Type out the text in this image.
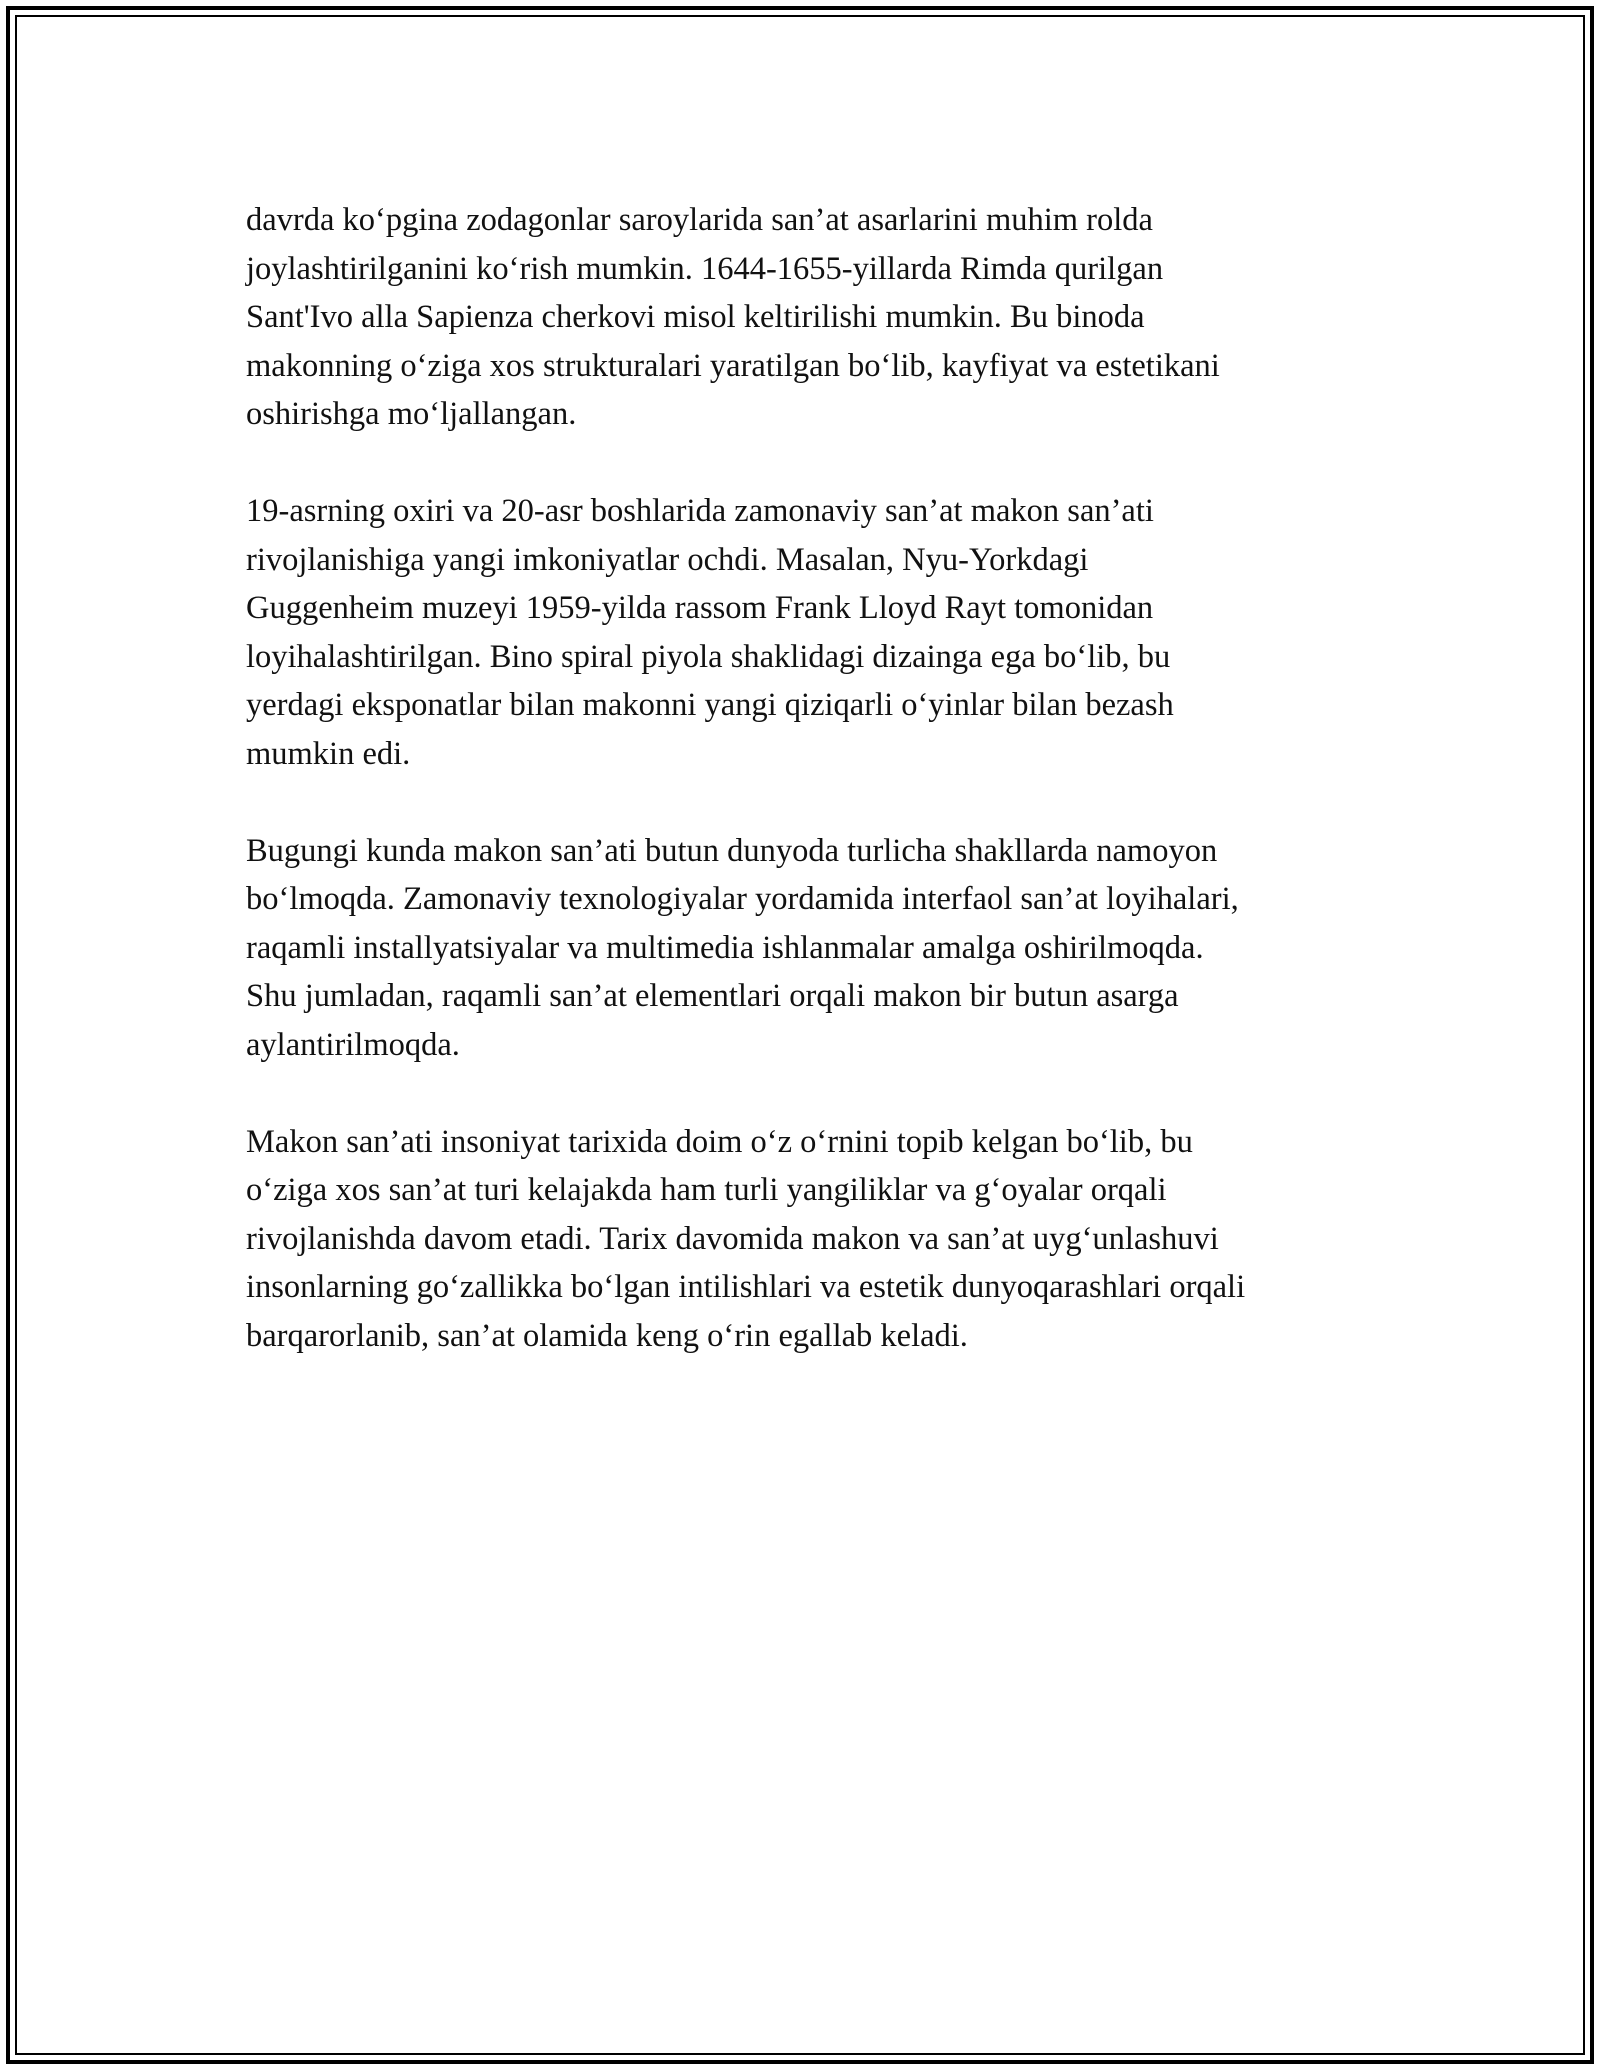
davrda ko‘pgina zodagonlar saroylarida san’at asarlarini muhim rolda
joylashtirilganini ko‘rish mumkin. 1644-1655-yillarda Rimda qurilgan
Sant'Ivo alla Sapienza cherkovi misol keltirilishi mumkin. Bu binoda
makonning o‘ziga xos strukturalari yaratilgan bo‘lib, kayfiyat va estetikani
oshirishga mo‘ljallangan.
19-asrning oxiri va 20-asr boshlarida zamonaviy san’at makon san’ati
rivojlanishiga yangi imkoniyatlar ochdi. Masalan, Nyu-Yorkdagi
Guggenheim muzeyi 1959-yilda rassom Frank Lloyd Rayt tomonidan
loyihalashtirilgan. Bino spiral piyola shaklidagi dizainga ega bo‘lib, bu
yerdagi eksponatlar bilan makonni yangi qiziqarli o‘yinlar bilan bezash
mumkin edi.
Bugungi kunda makon san’ati butun dunyoda turlicha shakllarda namoyon
bo‘lmoqda. Zamonaviy texnologiyalar yordamida interfaol san’at loyihalari,
raqamli installyatsiyalar va multimedia ishlanmalar amalga oshirilmoqda.
Shu jumladan, raqamli san’at elementlari orqali makon bir butun asarga
aylantirilmoqda.
Makon san’ati insoniyat tarixida doim o‘z o‘rnini topib kelgan bo‘lib, bu
o‘ziga xos san’at turi kelajakda ham turli yangiliklar va g‘oyalar orqali
rivojlanishda davom etadi. Tarix davomida makon va san’at uyg‘unlashuvi
insonlarning go‘zallikka bo‘lgan intilishlari va estetik dunyoqarashlari orqali
barqarorlanib, san’at olamida keng o‘rin egallab keladi.
